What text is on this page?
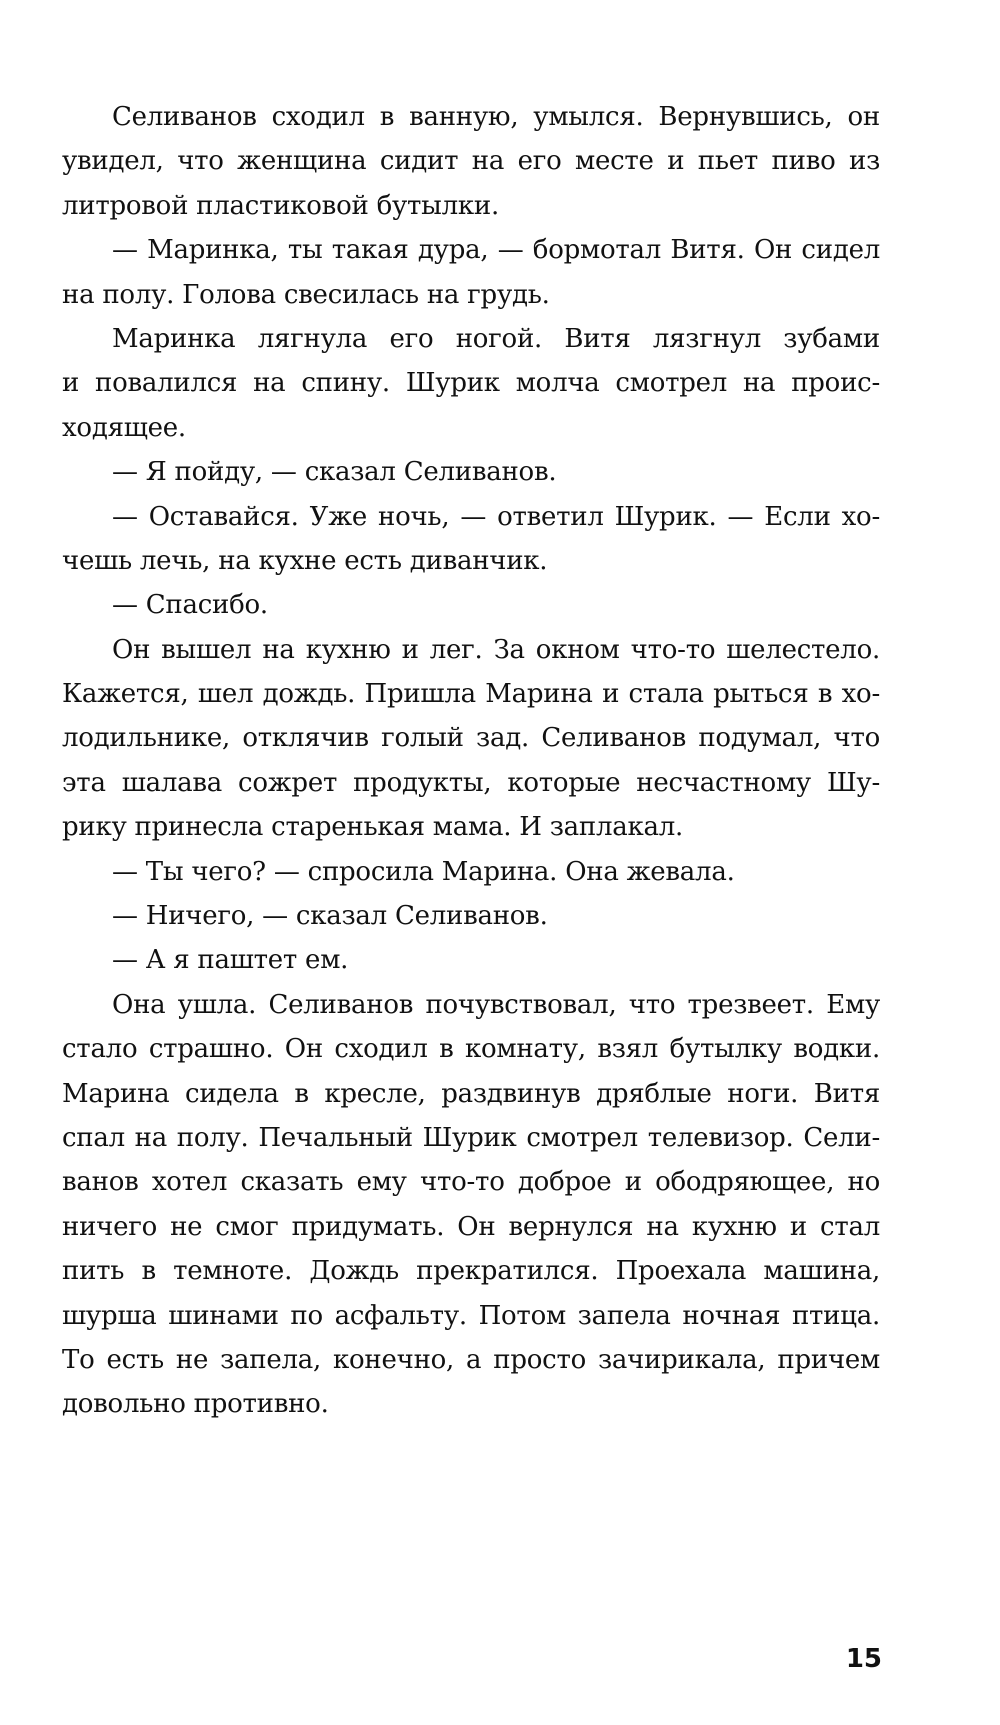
Селиванов сходил в ванную, умылся. Вернувшись, он
увидел, что женщина сидит на его месте и пьет пиво из
литровой пластиковой бутылки.
— Маринка, ты такая дура, — бормотал Витя. Он сидел
на полу. Голова свесилась на грудь.
Маринка лягнула его ногой. Витя лязгнул зубами
и повалился на спину. Шурик молча смотрел на проис-
ходящее.
— Я пойду, — сказал Селиванов.
— Оставайся. Уже ночь, — ответил Шурик. — Если хо-
чешь лечь, на кухне есть диванчик.
— Спасибо.
Он вышел на кухню и лег. За окном что-то шелестело.
Кажется, шел дождь. Пришла Марина и стала рыться в хо-
лодильнике, отклячив голый зад. Селиванов подумал, что
эта шалава сожрет продукты, которые несчастному Шу-
рику принесла старенькая мама. И заплакал.
— Ты чего? — спросила Марина. Она жевала.
— Ничего, — сказал Селиванов.
— А я паштет ем.
Она ушла. Селиванов почувствовал, что трезвеет. Ему
стало страшно. Он сходил в комнату, взял бутылку водки.
Марина сидела в кресле, раздвинув дряблые ноги. Витя
спал на полу. Печальный Шурик смотрел телевизор. Сели-
ванов хотел сказать ему что-то доброе и ободряющее, но
ничего не смог придумать. Он вернулся на кухню и стал
пить в темноте. Дождь прекратился. Проехала машина,
шурша шинами по асфальту. Потом запела ночная птица.
То есть не запела, конечно, а просто зачирикала, причем
довольно противно.
15
